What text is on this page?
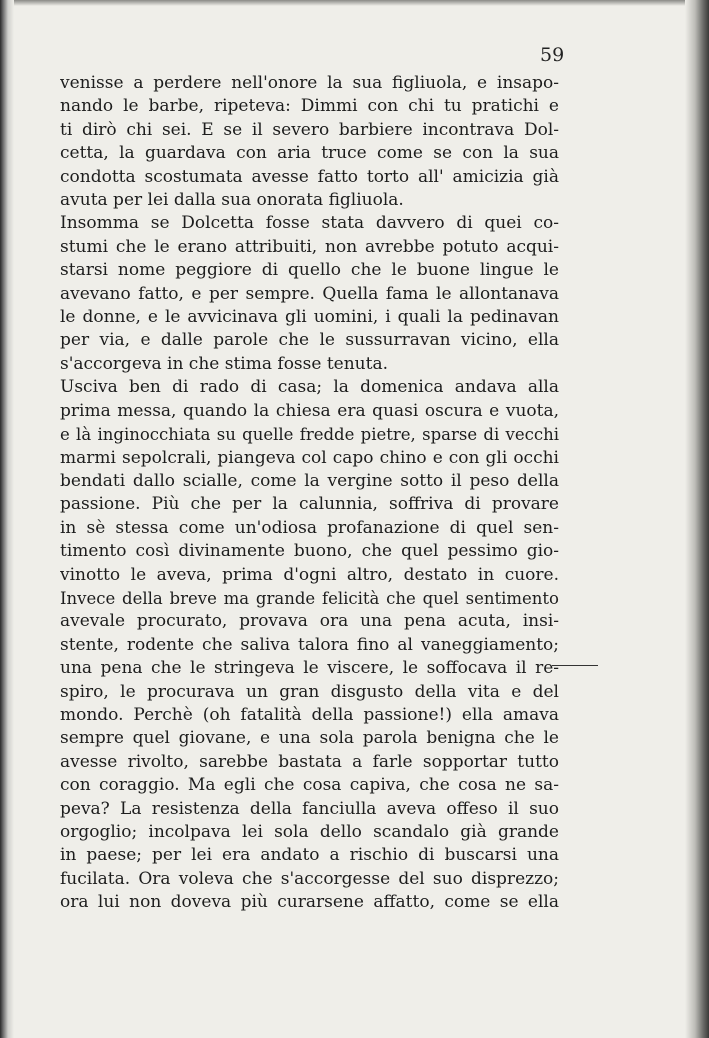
59

venisse a perdere nell'onore la sua figliuola, e insapo-
nando le barbe, ripeteva: Dimmi con chi tu pratichi e
ti dirò chi sei. E se il severo barbiere incontrava Dol-
cetta, la guardava con aria truce come se con la sua
condotta scostumata avesse fatto torto all' amicizia già
avuta per lei dalla sua onorata figliuola.
Insomma se Dolcetta fosse stata davvero di quei co-
stumi che le erano attribuiti, non avrebbe potuto acqui-
starsi nome peggiore di quello che le buone lingue le
avevano fatto, e per sempre. Quella fama le allontanava
le donne, e le avvicinava gli uomini, i quali la pedinavan
per via, e dalle parole che le sussurravan vicino, ella
s'accorgeva in che stima fosse tenuta.
Usciva ben di rado di casa; la domenica andava alla
prima messa, quando la chiesa era quasi oscura e vuota,
e là inginocchiata su quelle fredde pietre, sparse di vecchi
marmi sepolcrali, piangeva col capo chino e con gli occhi
bendati dallo scialle, come la vergine sotto il peso della
passione. Più che per la calunnia, soffriva di provare
in sè stessa come un'odiosa profanazione di quel sen-
timento così divinamente buono, che quel pessimo gio-
vinotto le aveva, prima d'ogni altro, destato in cuore.
Invece della breve ma grande felicità che quel sentimento
avevale procurato, provava ora una pena acuta, insi-
stente, rodente che saliva talora fino al vaneggiamento;
una pena che le stringeva le viscere, le soffocava il re-
spiro, le procurava un gran disgusto della vita e del
mondo. Perchè (oh fatalità della passione!) ella amava
sempre quel giovane, e una sola parola benigna che le
avesse rivolto, sarebbe bastata a farle sopportar tutto
con coraggio. Ma egli che cosa capiva, che cosa ne sa-
peva? La resistenza della fanciulla aveva offeso il suo
orgoglio; incolpava lei sola dello scandalo già grande
in paese; per lei era andato a rischio di buscarsi una
fucilata. Ora voleva che s'accorgesse del suo disprezzo;
ora lui non doveva più curarsene affatto, come se ella
